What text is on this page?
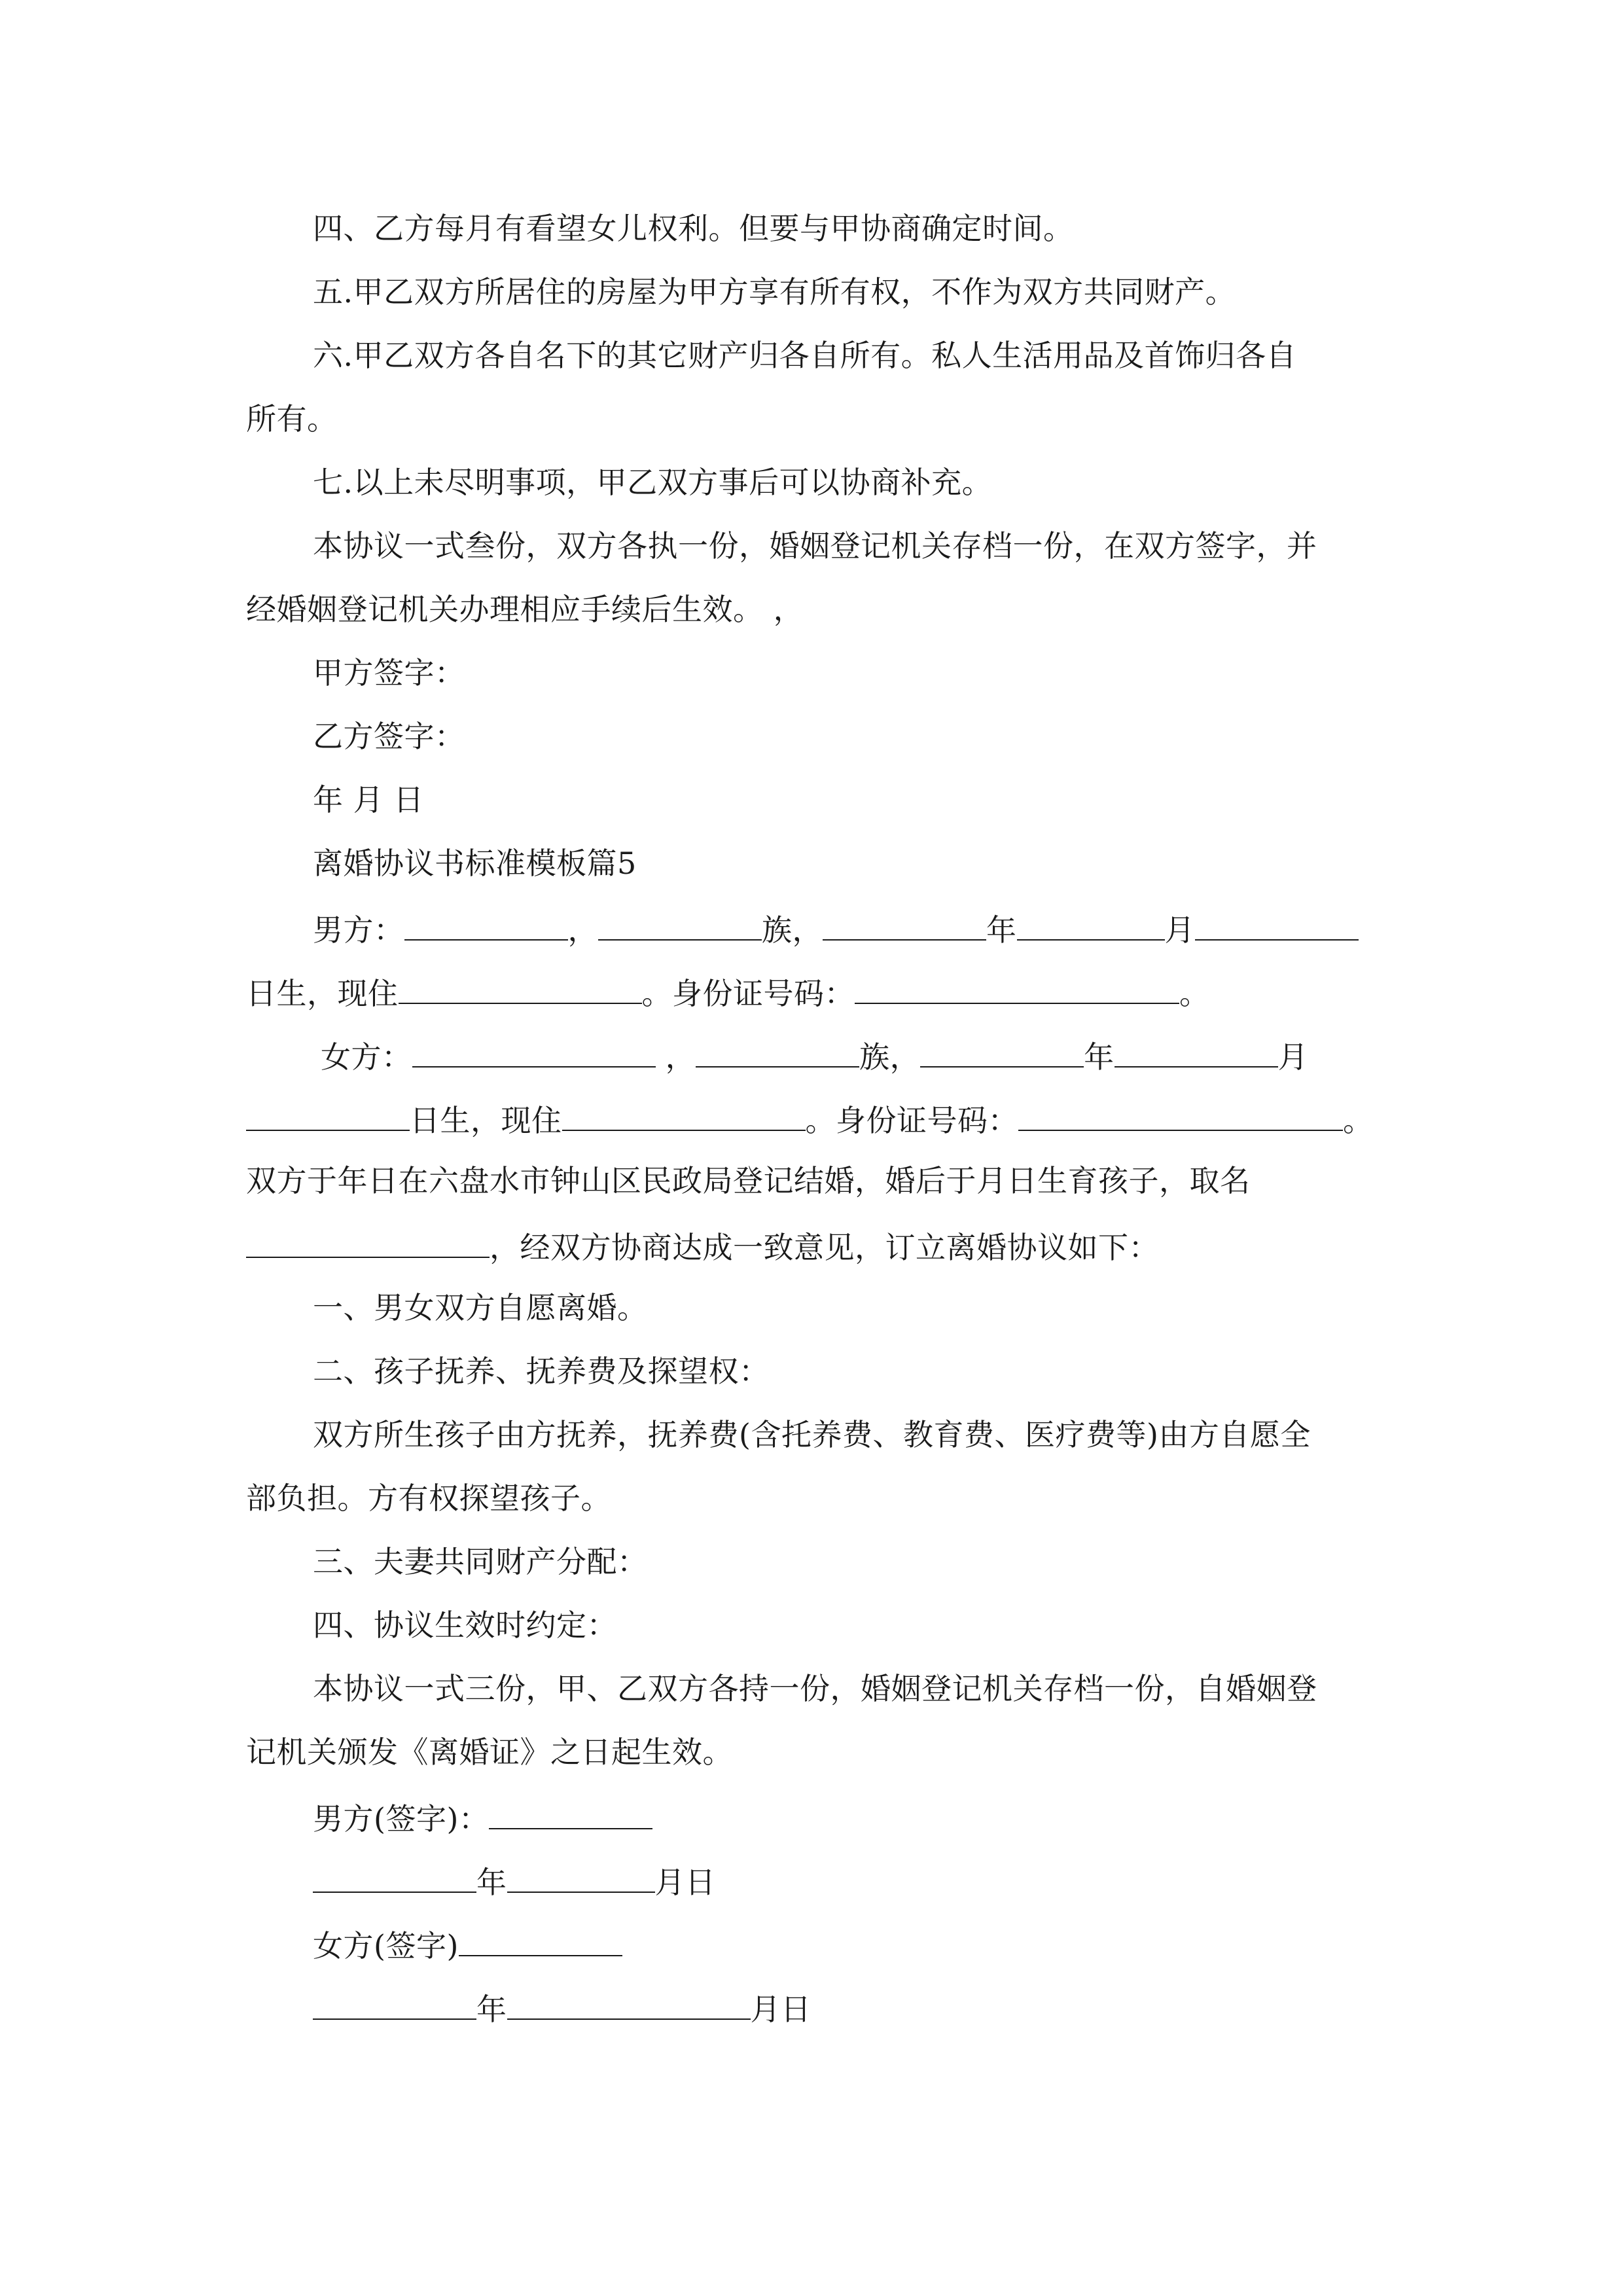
四、乙方每月有看望女儿权利。但要与甲协商确定时间。
五.甲乙双方所居住的房屋为甲方享有所有权，不作为双方共同财产。
六.甲乙双方各自名下的其它财产归各自所有。私人生活用品及首饰归各自
所有。
七.以上未尽明事项，甲乙双方事后可以协商补充。
本协议一式叁份，双方各执一份，婚姻登记机关存档一份，在双方签字，并
经婚姻登记机关办理相应手续后生效。 ，
甲方签字：
乙方签字：
年 月 日
离婚协议书标准模板篇5
男方：	，	族，	年	月
日生，现住	。身份证号码：	。
女方：	，	族，	年	月
日生，现住	。身份证号码：	。
双方于年日在六盘水市钟山区民政局登记结婚，婚后于月日生育孩子，取名
，经双方协商达成一致意见，订立离婚协议如下：
一、男女双方自愿离婚。
二、孩子抚养、抚养费及探望权：
双方所生孩子由方抚养，抚养费(含托养费、教育费、医疗费等)由方自愿全
部负担。方有权探望孩子。
三、夫妻共同财产分配：
四、协议生效时约定：
本协议一式三份，甲、乙双方各持一份，婚姻登记机关存档一份，自婚姻登
记机关颁发《离婚证》之日起生效。
男方(签字)：
年	月日
女方(签字)
年	月日
